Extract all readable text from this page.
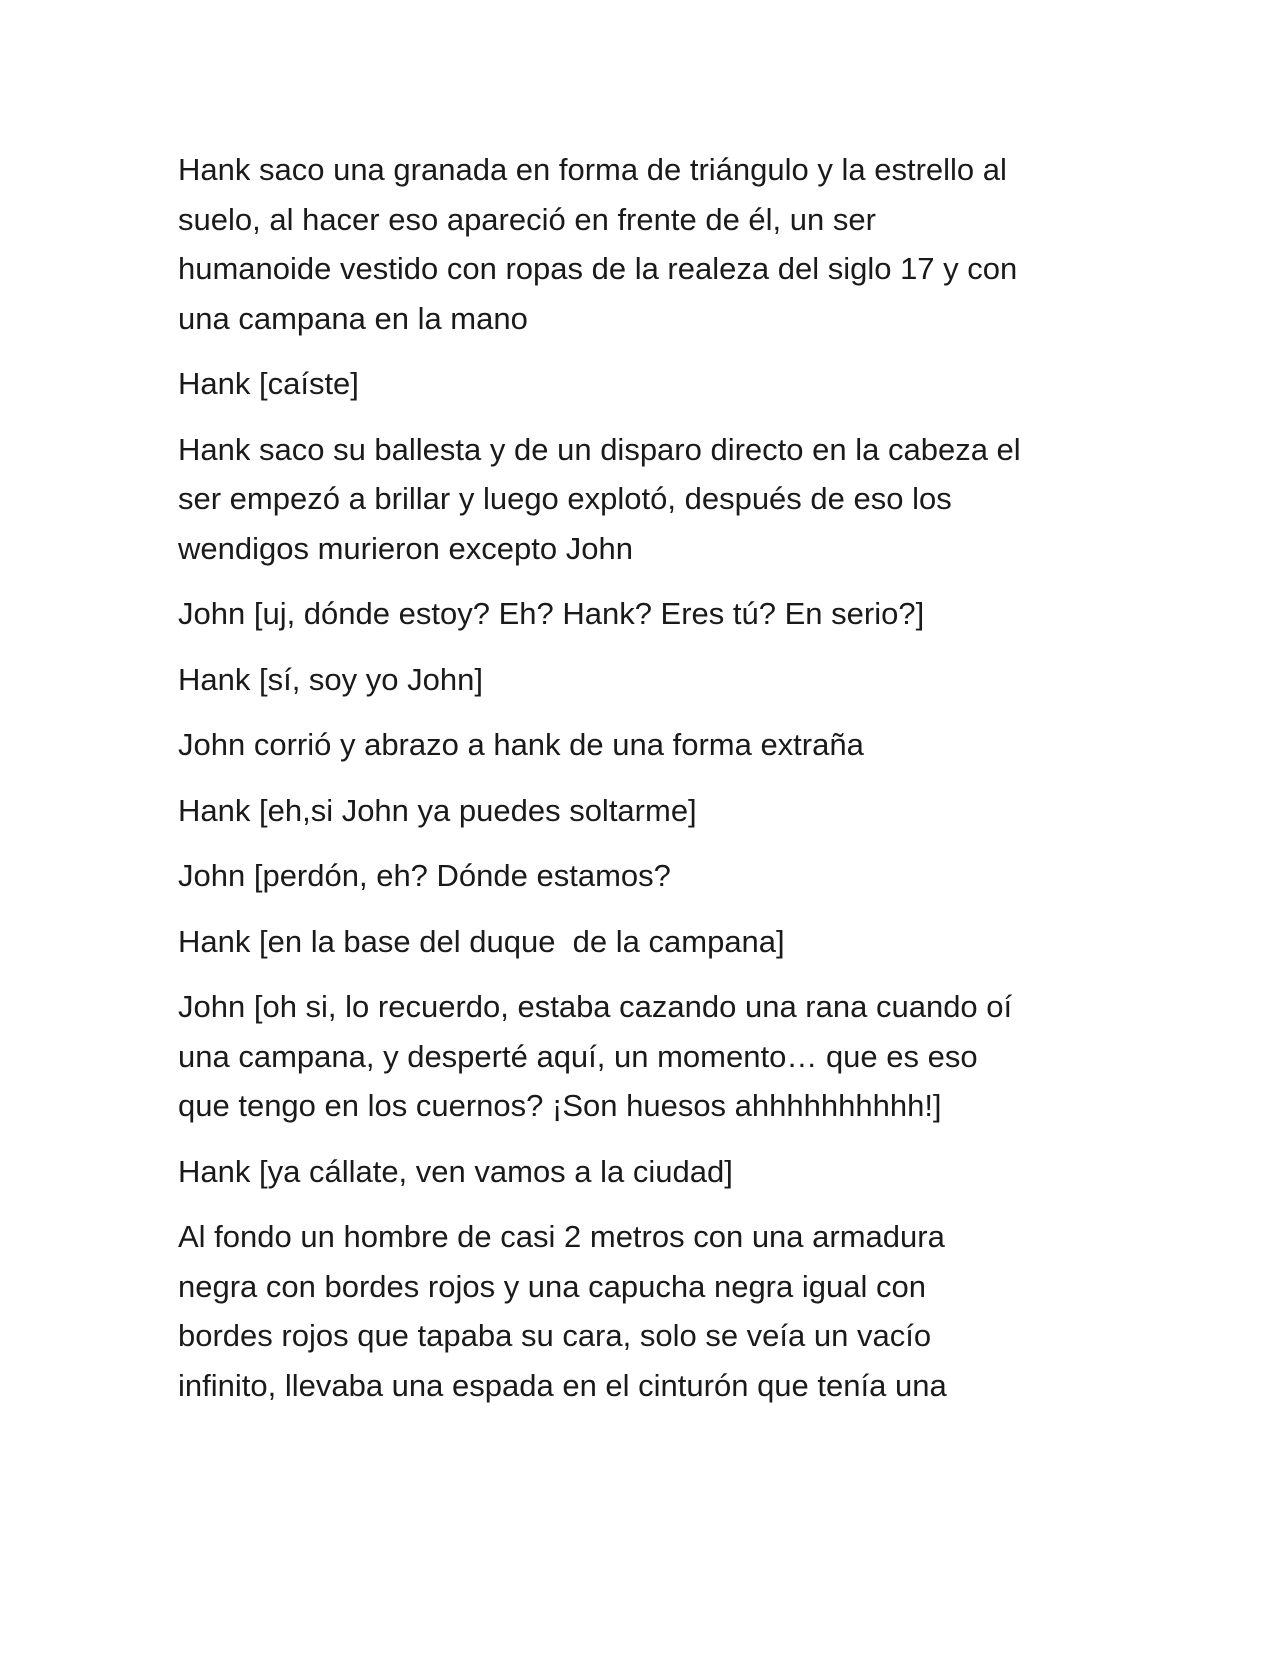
Hank saco una granada en forma de triángulo y la estrello al
suelo, al hacer eso apareció en frente de él, un ser
humanoide vestido con ropas de la realeza del siglo 17 y con
una campana en la mano

Hank [caíste]

Hank saco su ballesta y de un disparo directo en la cabeza el
ser empezó a brillar y luego explotó, después de eso los
wendigos murieron excepto John

John [uj, dónde estoy? Eh? Hank? Eres tú? En serio?]

Hank [sí, soy yo John]

John corrió y abrazo a hank de una forma extraña

Hank [eh,si John ya puedes soltarme]

John [perdón, eh? Dónde estamos?

Hank [en la base del duque  de la campana]

John [oh si, lo recuerdo, estaba cazando una rana cuando oí
una campana, y desperté aquí, un momento… que es eso
que tengo en los cuernos? ¡Son huesos ahhhhhhhhhh!]

Hank [ya cállate, ven vamos a la ciudad]

Al fondo un hombre de casi 2 metros con una armadura
negra con bordes rojos y una capucha negra igual con
bordes rojos que tapaba su cara, solo se veía un vacío
infinito, llevaba una espada en el cinturón que tenía una
